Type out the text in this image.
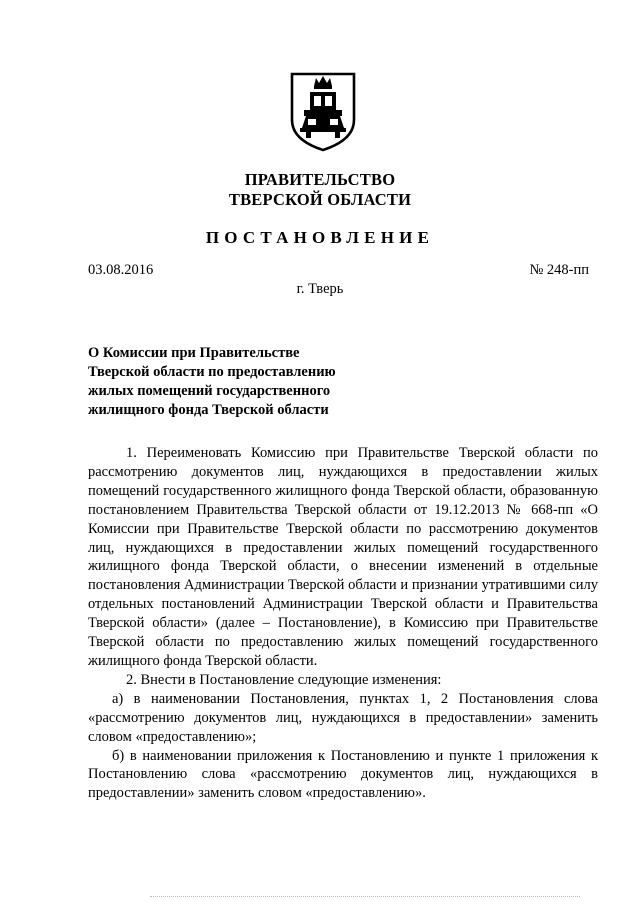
ПРАВИТЕЛЬСТВО
ТВЕРСКОЙ ОБЛАСТИ
ПОСТАНОВЛЕНИЕ
03.08.2016	№ 248-пп
г. Тверь
О Комиссии при Правительстве
Тверской области по предоставлению
жилых помещений государственного
жилищного фонда Тверской области

1. Переименовать Комиссию при Правительстве Тверской области по рассмотрению документов лиц, нуждающихся в предоставлении жилых помещений государственного жилищного фонда Тверской области, образованную постановлением Правительства Тверской области от 19.12.2013 № 668-пп «О Комиссии при Правительстве Тверской области по рассмотрению документов лиц, нуждающихся в предоставлении жилых помещений государственного жилищного фонда Тверской области, о внесении изменений в отдельные постановления Администрации Тверской области и признании утратившими силу отдельных постановлений Администрации Тверской области и Правительства Тверской области» (далее – Постановление), в Комиссию при Правительстве Тверской области по предоставлению жилых помещений государственного жилищного фонда Тверской области.

2. Внести в Постановление следующие изменения:

а) в наименовании Постановления, пунктах 1, 2 Постановления слова «рассмотрению документов лиц, нуждающихся в предоставлении» заменить словом «предоставлению»;

б) в наименовании приложения к Постановлению и пункте 1 приложения к Постановлению слова «рассмотрению документов лиц, нуждающихся в предоставлении» заменить словом «предоставлению».
